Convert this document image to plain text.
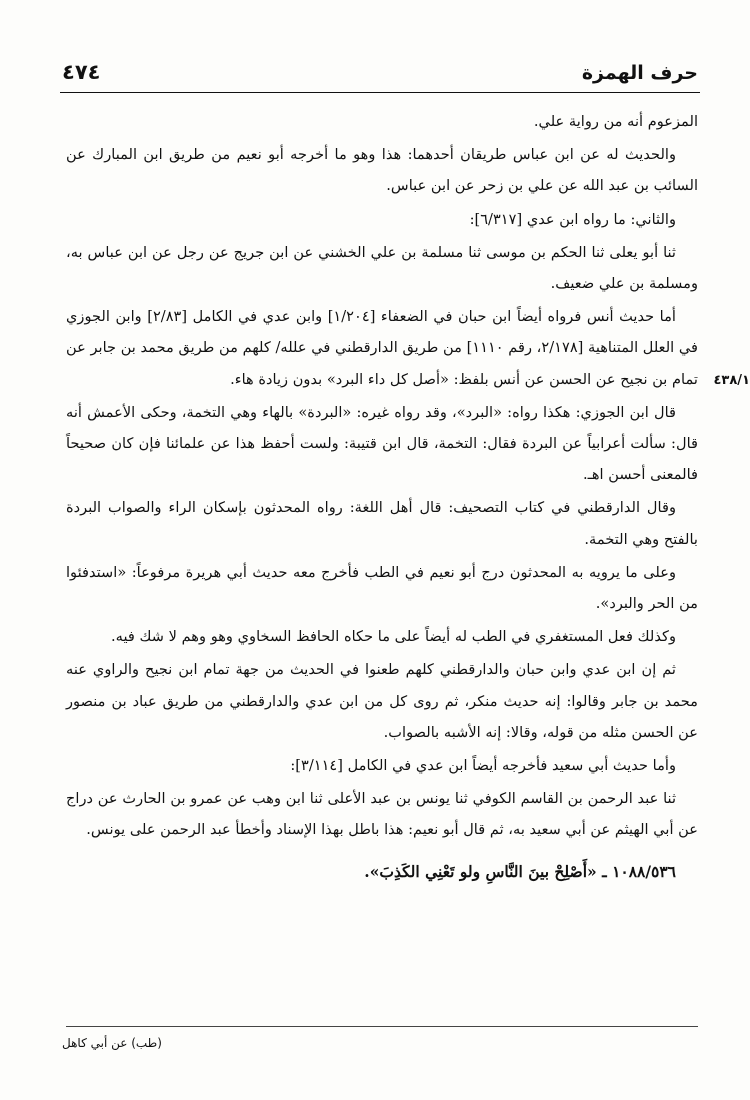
حرف الهمزة
٤٧٤
٤٣٨/١

المزعوم أنه من رواية علي.

والحديث له عن ابن عباس طريقان أحدهما: هذا وهو ما أخرجه أبو نعيم من طريق ابن المبارك عن السائب بن عبد الله عن علي بن زحر عن ابن عباس.

والثاني: ما رواه ابن عدي [٦/٣١٧]:

ثنا أبو يعلى ثنا الحكم بن موسى ثنا مسلمة بن علي الخشني عن ابن جريج عن رجل عن ابن عباس به، ومسلمة بن علي ضعيف.

أما حديث أنس فرواه أيضاً ابن حبان في الضعفاء [١/٢٠٤] وابن عدي في الكامل [٢/٨٣] وابن الجوزي في العلل المتناهية [٢/١٧٨، رقم ١١١٠] من طريق الدارقطني في علله/ كلهم من طريق محمد بن جابر عن تمام بن نجيح عن الحسن عن أنس بلفظ: «أصل كل داء البرد» بدون زيادة هاء.

قال ابن الجوزي: هكذا رواه: «البرد»، وقد رواه غيره: «البردة» بالهاء وهي التخمة، وحكى الأعمش أنه قال: سألت أعرابياً عن البردة فقال: التخمة، قال ابن قتيبة: ولست أحفظ هذا عن علمائنا فإن كان صحيحاً فالمعنى أحسن اهـ.

وقال الدارقطني في كتاب التصحيف: قال أهل اللغة: رواه المحدثون بإسكان الراء والصواب البردة بالفتح وهي التخمة.

وعلى ما يرويه به المحدثون درج أبو نعيم في الطب فأخرج معه حديث أبي هريرة مرفوعاً: «استدفئوا من الحر والبرد».

وكذلك فعل المستغفري في الطب له أيضاً على ما حكاه الحافظ السخاوي وهو وهم لا شك فيه.

ثم إن ابن عدي وابن حبان والدارقطني كلهم طعنوا في الحديث من جهة تمام ابن نجيح والراوي عنه محمد بن جابر وقالوا: إنه حديث منكر، ثم روى كل من ابن عدي والدارقطني من طريق عباد بن منصور عن الحسن مثله من قوله، وقالا: إنه الأشبه بالصواب.

وأما حديث أبي سعيد فأخرجه أيضاً ابن عدي في الكامل [٣/١١٤]:

ثنا عبد الرحمن بن القاسم الكوفي ثنا يونس بن عبد الأعلى ثنا ابن وهب عن عمرو بن الحارث عن دراج عن أبي الهيثم عن أبي سعيد به، ثم قال أبو نعيم: هذا باطل بهذا الإسناد وأخطأ عبد الرحمن على يونس.

١٠٨٨/٥٣٦ ـ «أَصْلِحْ بينَ النَّاسِ ولو تَعْنِي الكَذِبَ».

(طب) عن أبي كاهل
